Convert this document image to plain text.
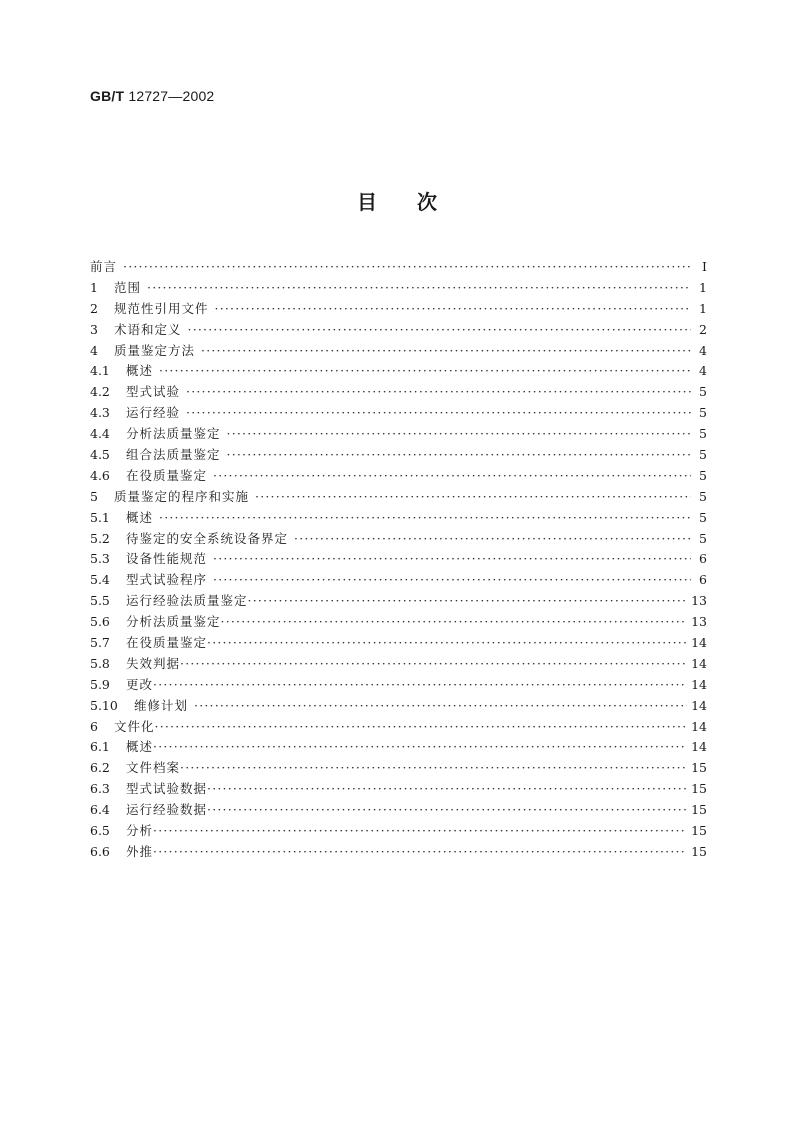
GB/T 12727—2002
目次
前言 ·····	Ⅰ
1	范围 ·····	1
2	规范性引用文件 ·····	1
3	术语和定义 ·····	2
4	质量鉴定方法 ·····	4
4.1	概述 ·····	4
4.2	型式试验 ·····	5
4.3	运行经验 ·····	5
4.4	分析法质量鉴定 ·····	5
4.5	组合法质量鉴定 ·····	5
4.6	在役质量鉴定 ·····	5
5	质量鉴定的程序和实施 ·····	5
5.1	概述 ·····	5
5.2	待鉴定的安全系统设备界定 ·····	5
5.3	设备性能规范 ·····	6
5.4	型式试验程序 ·····	6
5.5	运行经验法质量鉴定 ·····	13
5.6	分析法质量鉴定 ·····	13
5.7	在役质量鉴定 ·····	14
5.8	失效判据 ·····	14
5.9	更改 ·····	14
5.10	维修计划 ·····	14
6	文件化 ·····	14
6.1	概述 ·····	14
6.2	文件档案 ·····	15
6.3	型式试验数据 ·····	15
6.4	运行经验数据 ·····	15
6.5	分析 ·····	15
6.6	外推 ·····	15
